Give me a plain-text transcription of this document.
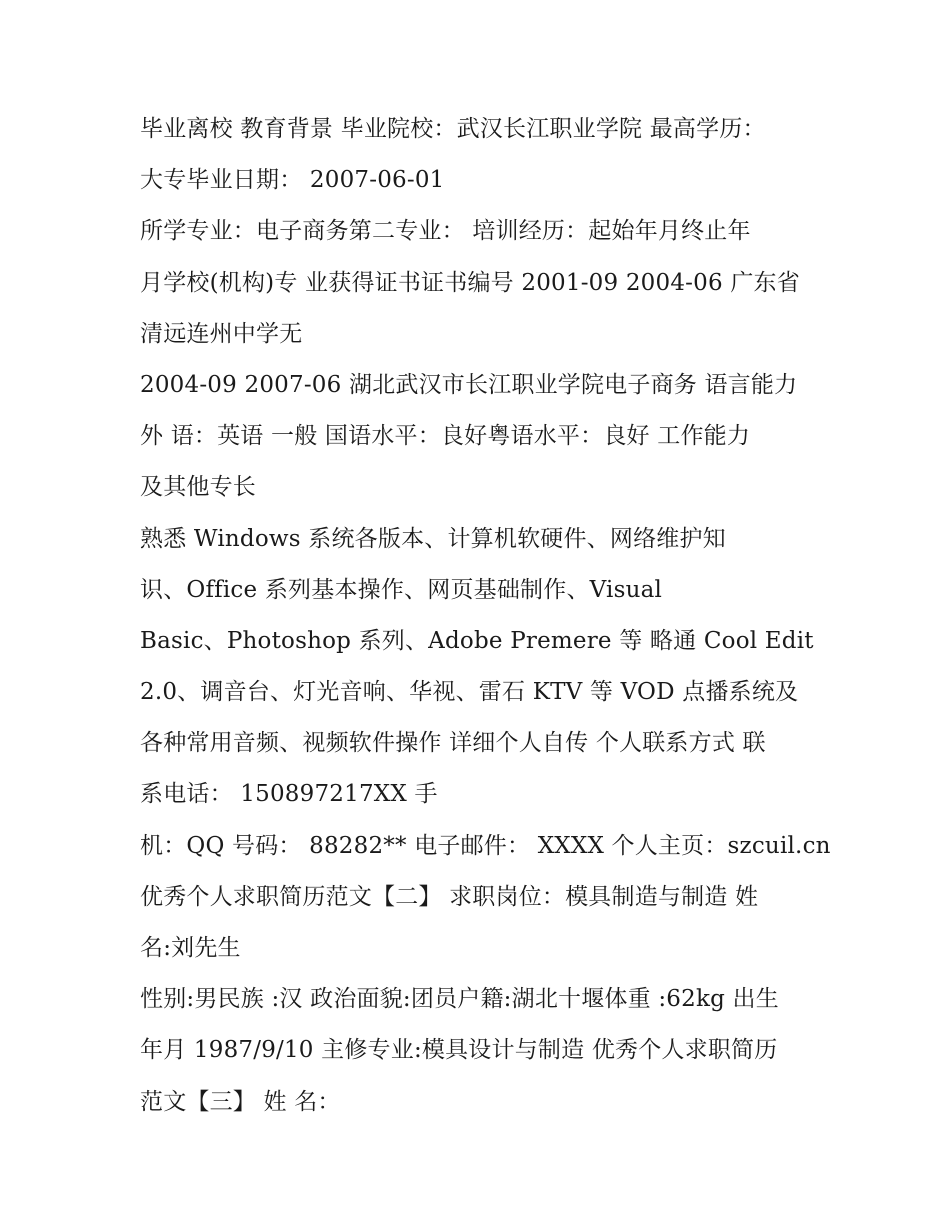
毕业离校 教育背景 毕业院校：武汉长江职业学院 最高学历：
大专毕业日期： 2007-06-01
所学专业：电子商务第二专业： 培训经历：起始年月终止年
月学校(机构)专 业获得证书证书编号 2001-09 2004-06 广东省
清远连州中学无
2004-09 2007-06 湖北武汉市长江职业学院电子商务 语言能力
外 语：英语 一般 国语水平：良好粤语水平：良好 工作能力
及其他专长
熟悉 Windows 系统各版本、计算机软硬件、网络维护知
识、Office 系列基本操作、网页基础制作、Visual
Basic、Photoshop 系列、Adobe Premere 等 略通 Cool Edit
2.0、调音台、灯光音响、华视、雷石 KTV 等 VOD 点播系统及
各种常用音频、视频软件操作 详细个人自传 个人联系方式 联
系电话： 150897217XX 手
机：QQ 号码： 88282** 电子邮件： XXXX 个人主页：szcuil.cn
优秀个人求职简历范文【二】 求职岗位：模具制造与制造 姓
名:刘先生
性别:男民族 :汉 政治面貌:团员户籍:湖北十堰体重 :62kg 出生
年月 1987/9/10 主修专业:模具设计与制造 优秀个人求职简历
范文【三】 姓 名：
